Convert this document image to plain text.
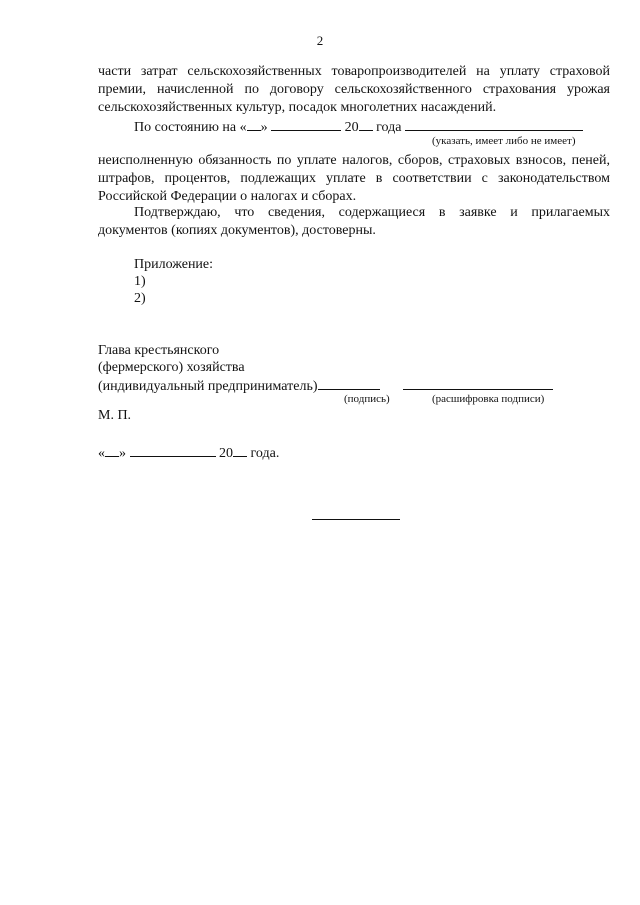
2
части затрат сельскохозяйственных товаропроизводителей на уплату страховой премии, начисленной по договору сельскохозяйственного страхования урожая сельскохозяйственных культур, посадок многолетних насаждений.
По состоянию на « »	20 года
(указать, имеет либо не имеет)
неисполненную обязанность по уплате налогов, сборов, страховых взносов, пеней, штрафов, процентов, подлежащих уплате в соответствии с законодательством Российской Федерации о налогах и сборах.
Подтверждаю, что сведения, содержащиеся в заявке и прилагаемых документов (копиях документов), достоверны.
Приложение:
1)
2)
Глава крестьянского
(фермерского) хозяйства
(индивидуальный предприниматель)
(подпись)	(расшифровка подписи)
М. П.
« »	20 года.
